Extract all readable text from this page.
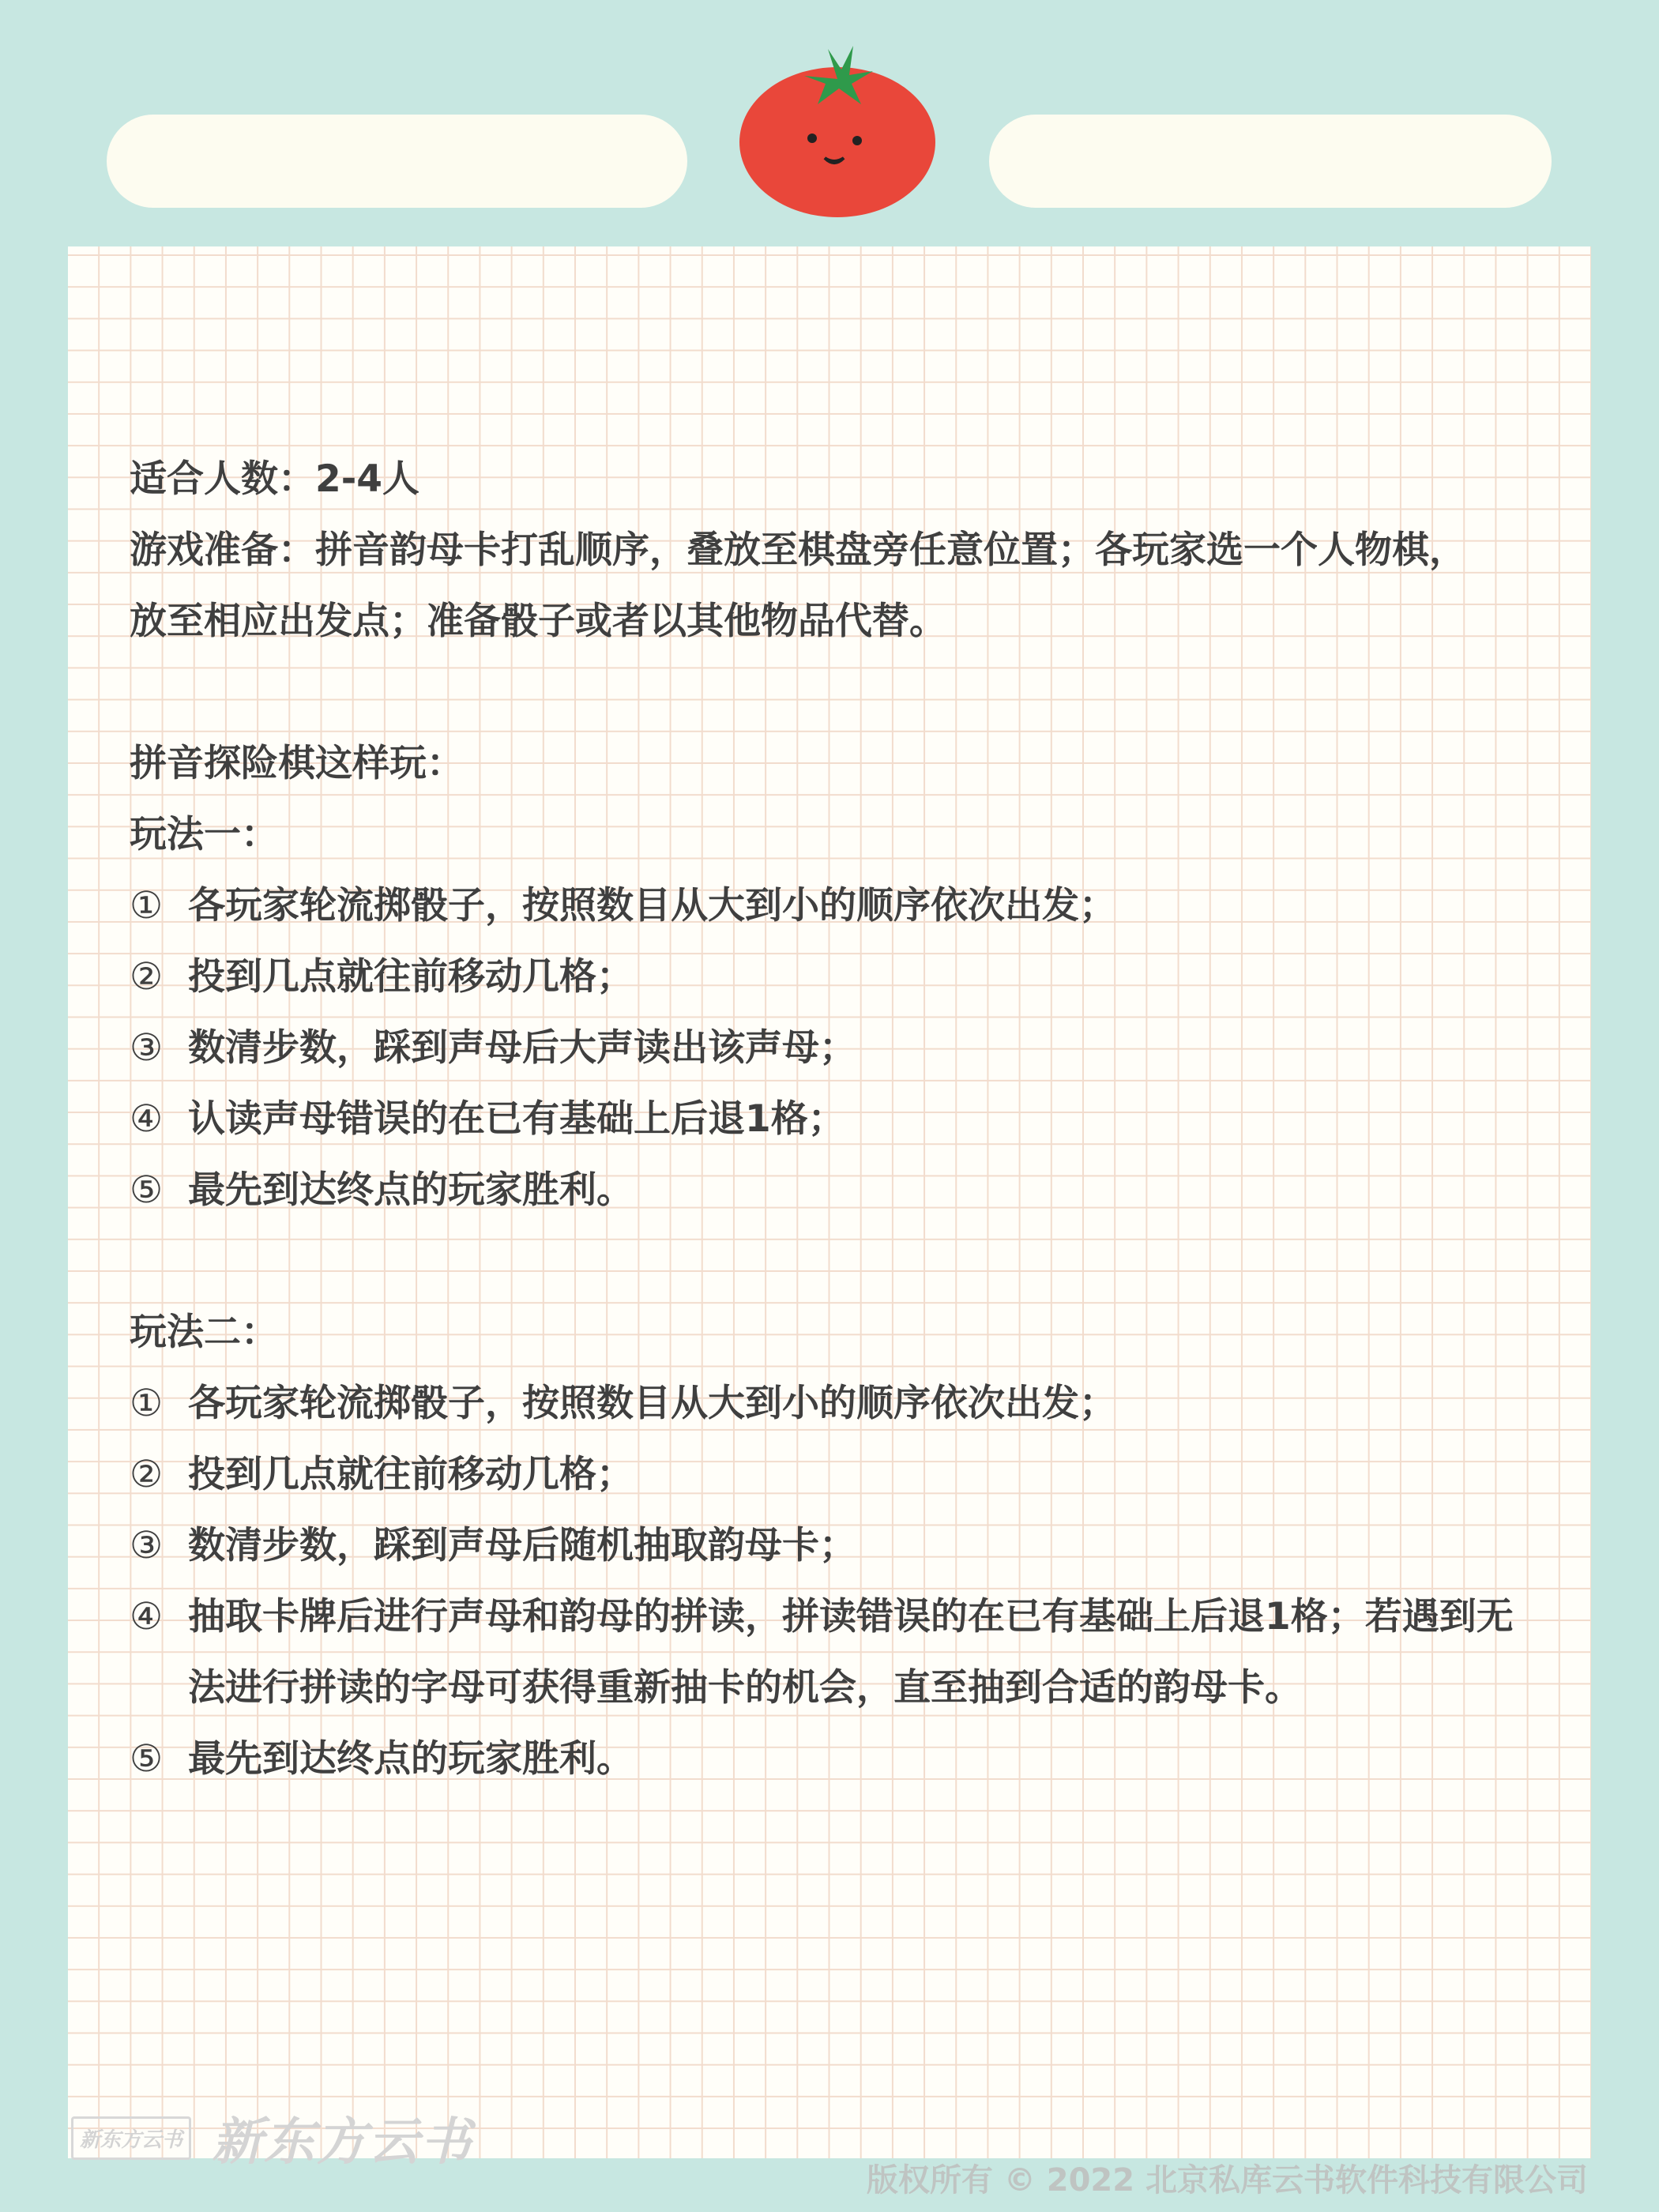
适合人数：2-4人
游戏准备：拼音韵母卡打乱顺序，叠放至棋盘旁任意位置；各玩家选一个人物棋，
放至相应出发点；准备骰子或者以其他物品代替。
拼音探险棋这样玩：
玩法一：
① 各玩家轮流掷骰子，按照数目从大到小的顺序依次出发；
② 投到几点就往前移动几格；
③ 数清步数，踩到声母后大声读出该声母；
④ 认读声母错误的在已有基础上后退1格；
⑤ 最先到达终点的玩家胜利。
玩法二：
① 各玩家轮流掷骰子，按照数目从大到小的顺序依次出发；
② 投到几点就往前移动几格；
③ 数清步数，踩到声母后随机抽取韵母卡；
④ 抽取卡牌后进行声母和韵母的拼读，拼读错误的在已有基础上后退1格；若遇到无法进行拼读的字母可获得重新抽卡的机会，直至抽到合适的韵母卡。
⑤ 最先到达终点的玩家胜利。
新东方云书 新东方云书
版权所有 © 2022 北京私库云书软件科技有限公司
